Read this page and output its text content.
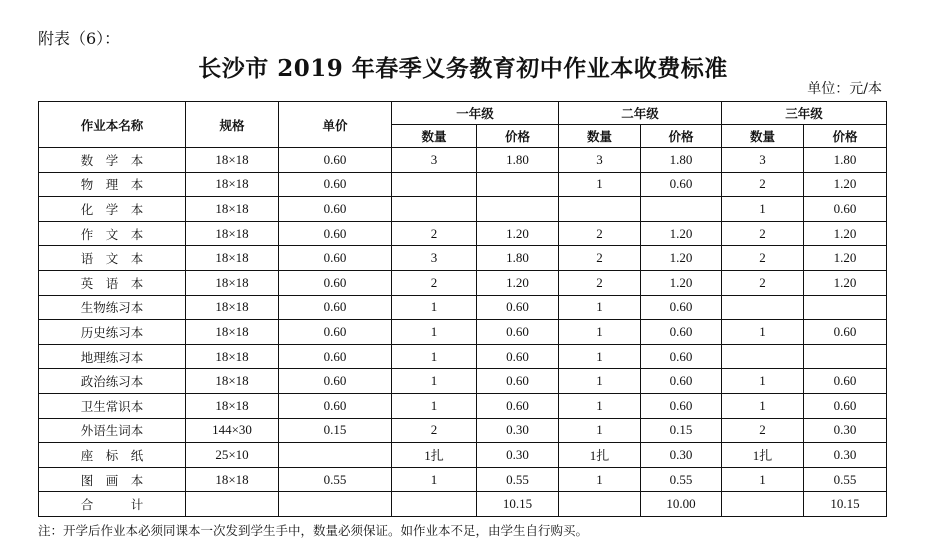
附表（6）：
长沙市 2019 年春季义务教育初中作业本收费标准
单位：元/本
作业本名称	规格	单价	一年级		二年级		三年级	
			数量	价格	数量	价格	数量	价格
数　学　本	18×18	0.60	3	1.80	3	1.80	3	1.80
物　理　本	18×18	0.60			1	0.60	2	1.20
化　学　本	18×18	0.60					1	0.60
作　文　本	18×18	0.60	2	1.20	2	1.20	2	1.20
语　文　本	18×18	0.60	3	1.80	2	1.20	2	1.20
英　语　本	18×18	0.60	2	1.20	2	1.20	2	1.20
生物练习本	18×18	0.60	1	0.60	1	0.60		
历史练习本	18×18	0.60	1	0.60	1	0.60	1	0.60
地理练习本	18×18	0.60	1	0.60	1	0.60		
政治练习本	18×18	0.60	1	0.60	1	0.60	1	0.60
卫生常识本	18×18	0.60	1	0.60	1	0.60	1	0.60
外语生词本	144×30	0.15	2	0.30	1	0.15	2	0.30
座　标　纸	25×10		1扎	0.30	1扎	0.30	1扎	0.30
图　画　本	18×18	0.55	1	0.55	1	0.55	1	0.55
合　　　计				10.15		10.00		10.15
注：开学后作业本必须同课本一次发到学生手中，数量必须保证。如作业本不足，由学生自行购买。
